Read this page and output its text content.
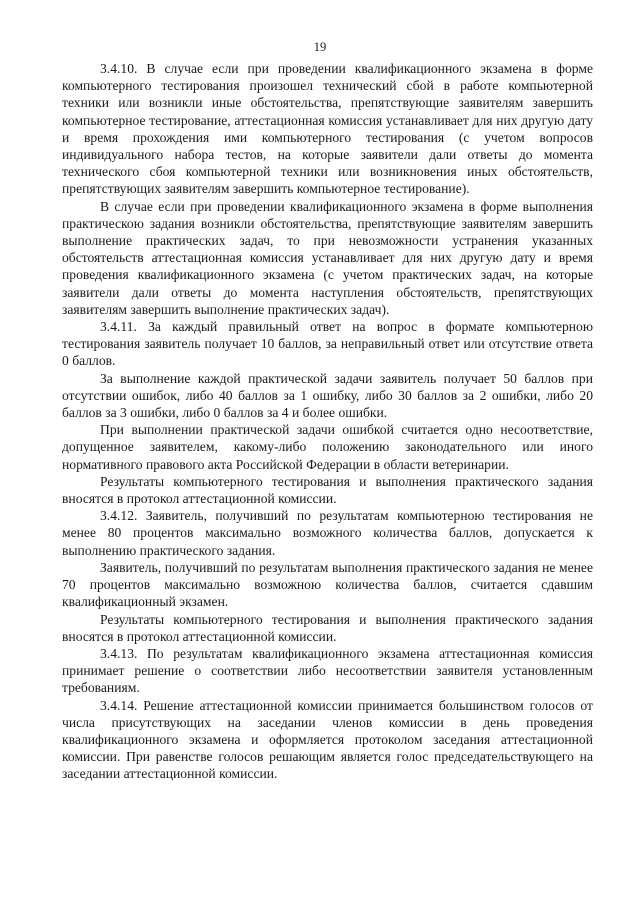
19

3.4.10. В случае если при проведении квалификационного экзамена в форме компьютерного тестирования произошел технический сбой в работе компьютерной техники или возникли иные обстоятельства, препятствующие заявителям завершить компьютерное тестирование, аттестационная комиссия устанавливает для них другую дату и время прохождения ими компьютерного тестирования (с учетом вопросов индивидуального набора тестов, на которые заявители дали ответы до момента технического сбоя компьютерной техники или возникновения иных обстоятельств, препятствующих заявителям завершить компьютерное тестирование).

В случае если при проведении квалификационного экзамена в форме выполнения практическою задания возникли обстоятельства, препятствующие заявителям завершить выполнение практических задач, то при невозможности устранения указанных обстоятельств аттестационная комиссия устанавливает для них другую дату и время проведения квалификационного экзамена (с учетом практических задач, на которые заявители дали ответы до момента наступления обстоятельств, препятствующих заявителям завершить выполнение практических задач).

3.4.11. За каждый правильный ответ на вопрос в формате компьютерною тестирования заявитель получает 10 баллов, за неправильный ответ или отсутствие ответа 0 баллов.

За выполнение каждой практической задачи заявитель получает 50 баллов при отсутствии ошибок, либо 40 баллов за 1 ошибку, либо 30 баллов за 2 ошибки, либо 20 баллов за 3 ошибки, либо 0 баллов за 4 и более ошибки.

При выполнении практической задачи ошибкой считается одно несоответствие, допущенное заявителем, какому-либо положению законодательного или иного нормативного правового акта Российской Федерации в области ветеринарии.

Результаты компьютерного тестирования и выполнения практического задания вносятся в протокол аттестационной комиссии.

3.4.12. Заявитель, получивший по результатам компьютерною тестирования не менее 80 процентов максимально возможного количества баллов, допускается к выполнению практического задания.

Заявитель, получивший по результатам выполнения практического задания не менее 70 процентов максимально возможною количества баллов, считается сдавшим квалификационный экзамен.

Результаты компьютерного тестирования и выполнения практического задания вносятся в протокол аттестационной комиссии.

3.4.13. По результатам квалификационного экзамена аттестационная комиссия принимает решение о соответствии либо несоответствии заявителя установленным требованиям.

3.4.14. Решение аттестационной комиссии принимается большинством голосов от числа присутствующих на заседании членов комиссии в день проведения квалификационного экзамена и оформляется протоколом заседания аттестационной комиссии. При равенстве голосов решающим является голос председательствующего на заседании аттестационной комиссии.
